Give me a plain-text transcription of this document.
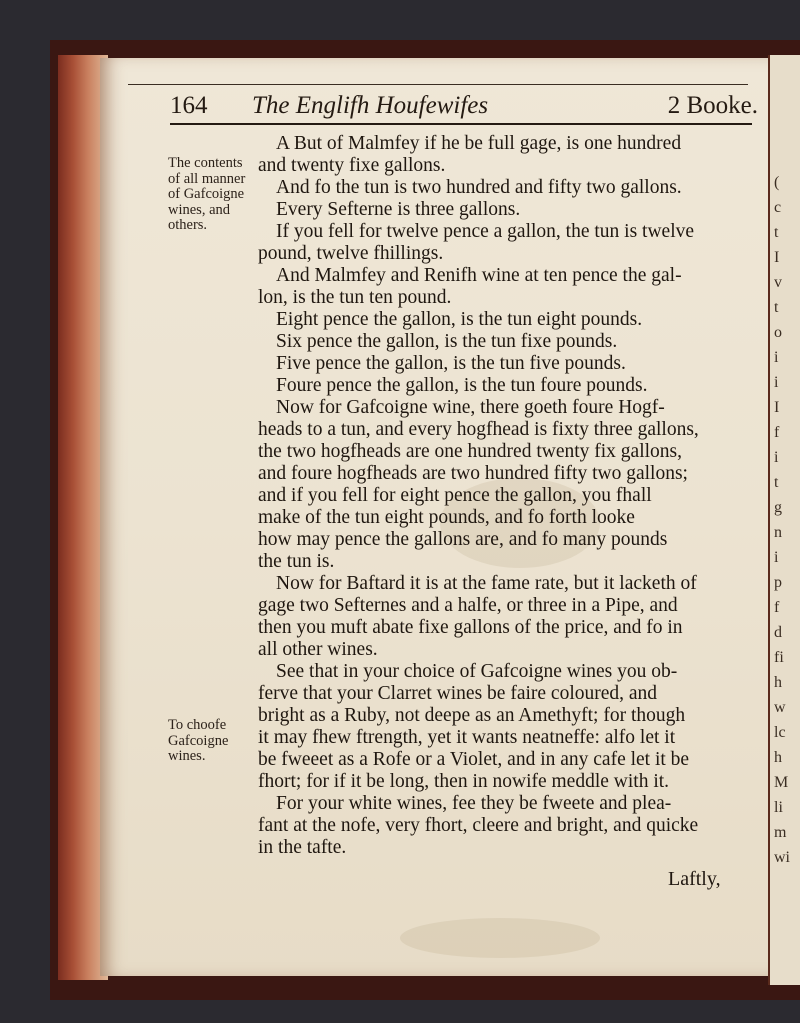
(
c
t
I
v
t
o
i
i
I
f
i
t
g
n
i
p
f
d
fi
h
w
lc
h
M
li
m
wi
164 The Englifh Houfewifes	2 Booke.
The contents
of all manner
of Gafcoigne
wines, and
others.
To choofe
Gafcoigne
wines.
A But of Malmfey if he be full gage, is one hundred
and twenty fixe gallons.
And fo the tun is two hundred and fifty two gallons.
Every Sefterne is three gallons.
If you fell for twelve pence a gallon, the tun is twelve
pound, twelve fhillings.
And Malmfey and Renifh wine at ten pence the gal-
lon, is the tun ten pound.
Eight pence the gallon, is the tun eight pounds.
Six pence the gallon, is the tun fixe pounds.
Five pence the gallon, is the tun five pounds.
Foure pence the gallon, is the tun foure pounds.
Now for Gafcoigne wine, there goeth foure Hogf-
heads to a tun, and every hogfhead is fixty three gallons,
the two hogfheads are one hundred twenty fix gallons,
and foure hogfheads are two hundred fifty two gallons;
and if you fell for eight pence the gallon, you fhall
make of the tun eight pounds, and fo forth looke
how may pence the gallons are, and fo many pounds
the tun is.
Now for Baftard it is at the fame rate, but it lacketh of
gage two Sefternes and a halfe, or three in a Pipe, and
then you muft abate fixe gallons of the price, and fo in
all other wines.
See that in your choice of Gafcoigne wines you ob-
ferve that your Clarret wines be faire coloured, and
bright as a Ruby, not deepe as an Amethyft; for though
it may fhew ftrength, yet it wants neatneffe: alfo let it
be fweeet as a Rofe or a Violet, and in any cafe let it be
fhort; for if it be long, then in nowife meddle with it.
For your white wines, fee they be fweete and plea-
fant at the nofe, very fhort, cleere and bright, and quicke
in the tafte.
Laftly,
